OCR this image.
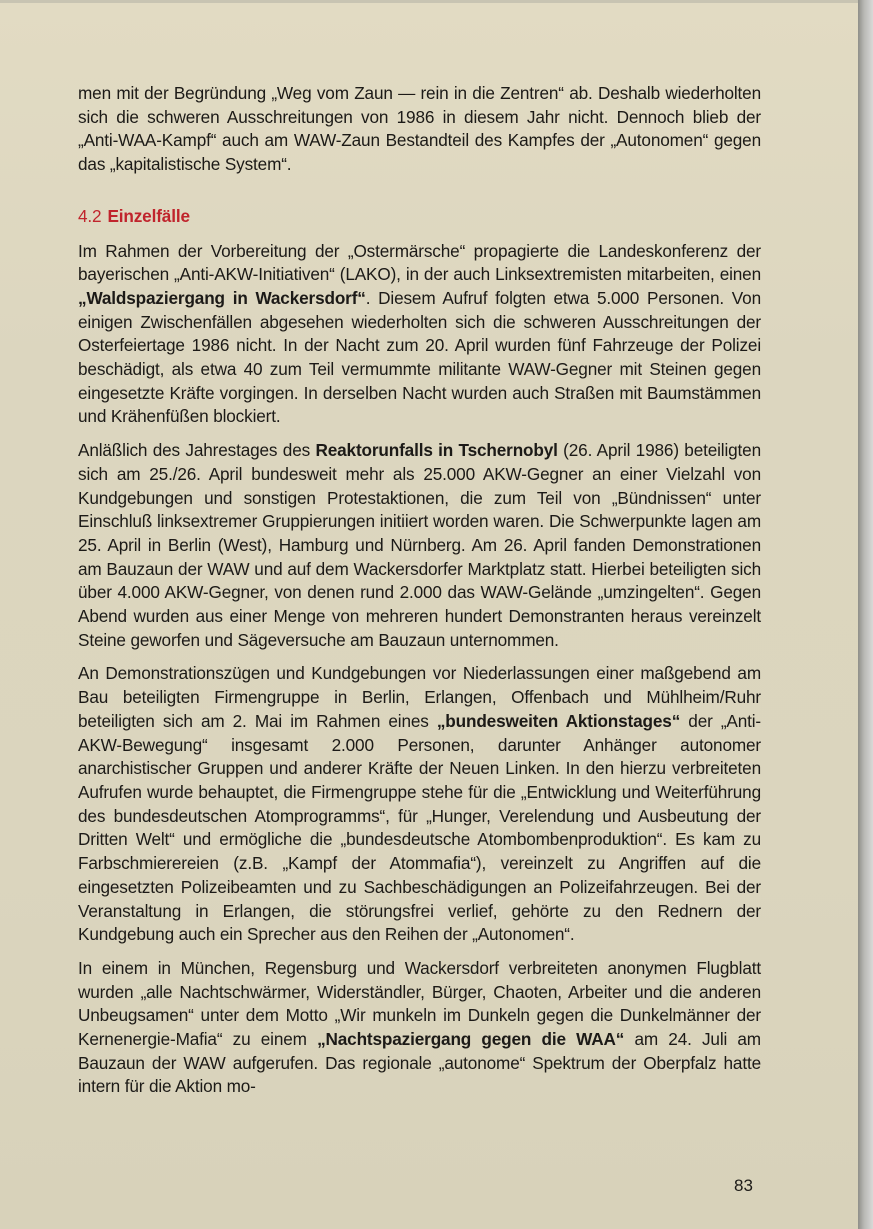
men mit der Begründung „Weg vom Zaun — rein in die Zentren“ ab. Deshalb wiederholten sich die schweren Ausschreitungen von 1986 in diesem Jahr nicht. Dennoch blieb der „Anti-WAA-Kampf“ auch am WAW-Zaun Bestandteil des Kampfes der „Autonomen“ gegen das „kapitalistische System“.

4.2 Einzelfälle

Im Rahmen der Vorbereitung der „Ostermärsche“ propagierte die Landeskonferenz der bayerischen „Anti-AKW-Initiativen“ (LAKO), in der auch Linksextremisten mitarbeiten, einen „Waldspaziergang in Wackersdorf“. Diesem Aufruf folgten etwa 5.000 Personen. Von einigen Zwischenfällen abgesehen wiederholten sich die schweren Ausschreitungen der Osterfeiertage 1986 nicht. In der Nacht zum 20. April wurden fünf Fahrzeuge der Polizei beschädigt, als etwa 40 zum Teil vermummte militante WAW-Gegner mit Steinen gegen eingesetzte Kräfte vorgingen. In derselben Nacht wurden auch Straßen mit Baumstämmen und Krähenfüßen blockiert.

Anläßlich des Jahrestages des Reaktorunfalls in Tschernobyl (26. April 1986) beteiligten sich am 25./26. April bundesweit mehr als 25.000 AKW-Gegner an einer Vielzahl von Kundgebungen und sonstigen Protestaktionen, die zum Teil von „Bündnissen“ unter Einschluß linksextremer Gruppierungen initiiert worden waren. Die Schwerpunkte lagen am 25. April in Berlin (West), Hamburg und Nürnberg. Am 26. April fanden Demonstrationen am Bauzaun der WAW und auf dem Wackersdorfer Marktplatz statt. Hierbei beteiligten sich über 4.000 AKW-Gegner, von denen rund 2.000 das WAW-Gelände „umzingelten“. Gegen Abend wurden aus einer Menge von mehreren hundert Demonstranten heraus vereinzelt Steine geworfen und Sägeversuche am Bauzaun unternommen.

An Demonstrationszügen und Kundgebungen vor Niederlassungen einer maßgebend am Bau beteiligten Firmengruppe in Berlin, Erlangen, Offenbach und Mühlheim/Ruhr beteiligten sich am 2. Mai im Rahmen eines „bundesweiten Aktionstages“ der „Anti-AKW-Bewegung“ insgesamt 2.000 Personen, darunter Anhänger autonomer anarchistischer Gruppen und anderer Kräfte der Neuen Linken. In den hierzu verbreiteten Aufrufen wurde behauptet, die Firmengruppe stehe für die „Entwicklung und Weiterführung des bundesdeutschen Atomprogramms“, für „Hunger, Verelendung und Ausbeutung der Dritten Welt“ und ermögliche die „bundesdeutsche Atombombenproduktion“. Es kam zu Farbschmierereien (z.B. „Kampf der Atommafia“), vereinzelt zu Angriffen auf die eingesetzten Polizeibeamten und zu Sachbeschädigungen an Polizeifahrzeugen. Bei der Veranstaltung in Erlangen, die störungsfrei verlief, gehörte zu den Rednern der Kundgebung auch ein Sprecher aus den Reihen der „Autonomen“.

In einem in München, Regensburg und Wackersdorf verbreiteten anonymen Flugblatt wurden „alle Nachtschwärmer, Widerständler, Bürger, Chaoten, Arbeiter und die anderen Unbeugsamen“ unter dem Motto „Wir munkeln im Dunkeln gegen die Dunkelmänner der Kernenergie-Mafia“ zu einem „Nachtspaziergang gegen die WAA“ am 24. Juli am Bauzaun der WAW aufgerufen. Das regionale „autonome“ Spektrum der Oberpfalz hatte intern für die Aktion mo-

83
